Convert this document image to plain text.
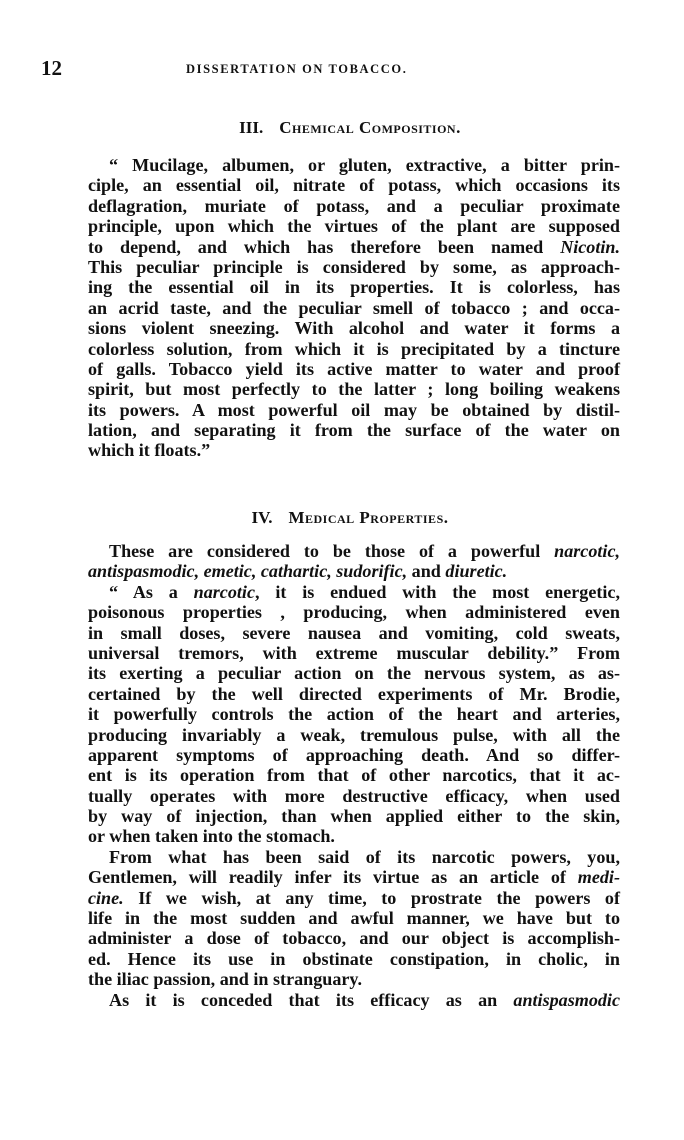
12	DISSERTATION ON TOBACCO.
III. Chemical Composition.
“ Mucilage, albumen, or gluten, extractive, a bitter prin-
ciple, an essential oil, nitrate of potass, which occasions its
deflagration, muriate of potass, and a peculiar proximate
principle, upon which the virtues of the plant are supposed
to depend, and which has therefore been named Nicotin.
This peculiar principle is considered by some, as approach-
ing the essential oil in its properties. It is colorless, has
an acrid taste, and the peculiar smell of tobacco ; and occa-
sions violent sneezing. With alcohol and water it forms a
colorless solution, from which it is precipitated by a tincture
of galls. Tobacco yield its active matter to water and proof
spirit, but most perfectly to the latter ; long boiling weakens
its powers. A most powerful oil may be obtained by distil-
lation, and separating it from the surface of the water on
which it floats.”
IV. Medical Properties.
These are considered to be those of a powerful narcotic,
antispasmodic, emetic, cathartic, sudorific, and diuretic.
“ As a narcotic, it is endued with the most energetic,
poisonous properties , producing, when administered even
in small doses, severe nausea and vomiting, cold sweats,
universal tremors, with extreme muscular debility.” From
its exerting a peculiar action on the nervous system, as as-
certained by the well directed experiments of Mr. Brodie,
it powerfully controls the action of the heart and arteries,
producing invariably a weak, tremulous pulse, with all the
apparent symptoms of approaching death. And so differ-
ent is its operation from that of other narcotics, that it ac-
tually operates with more destructive efficacy, when used
by way of injection, than when applied either to the skin,
or when taken into the stomach.
From what has been said of its narcotic powers, you,
Gentlemen, will readily infer its virtue as an article of medi-
cine. If we wish, at any time, to prostrate the powers of
life in the most sudden and awful manner, we have but to
administer a dose of tobacco, and our object is accomplish-
ed. Hence its use in obstinate constipation, in cholic, in
the iliac passion, and in stranguary.
As it is conceded that its efficacy as an antispasmodic
